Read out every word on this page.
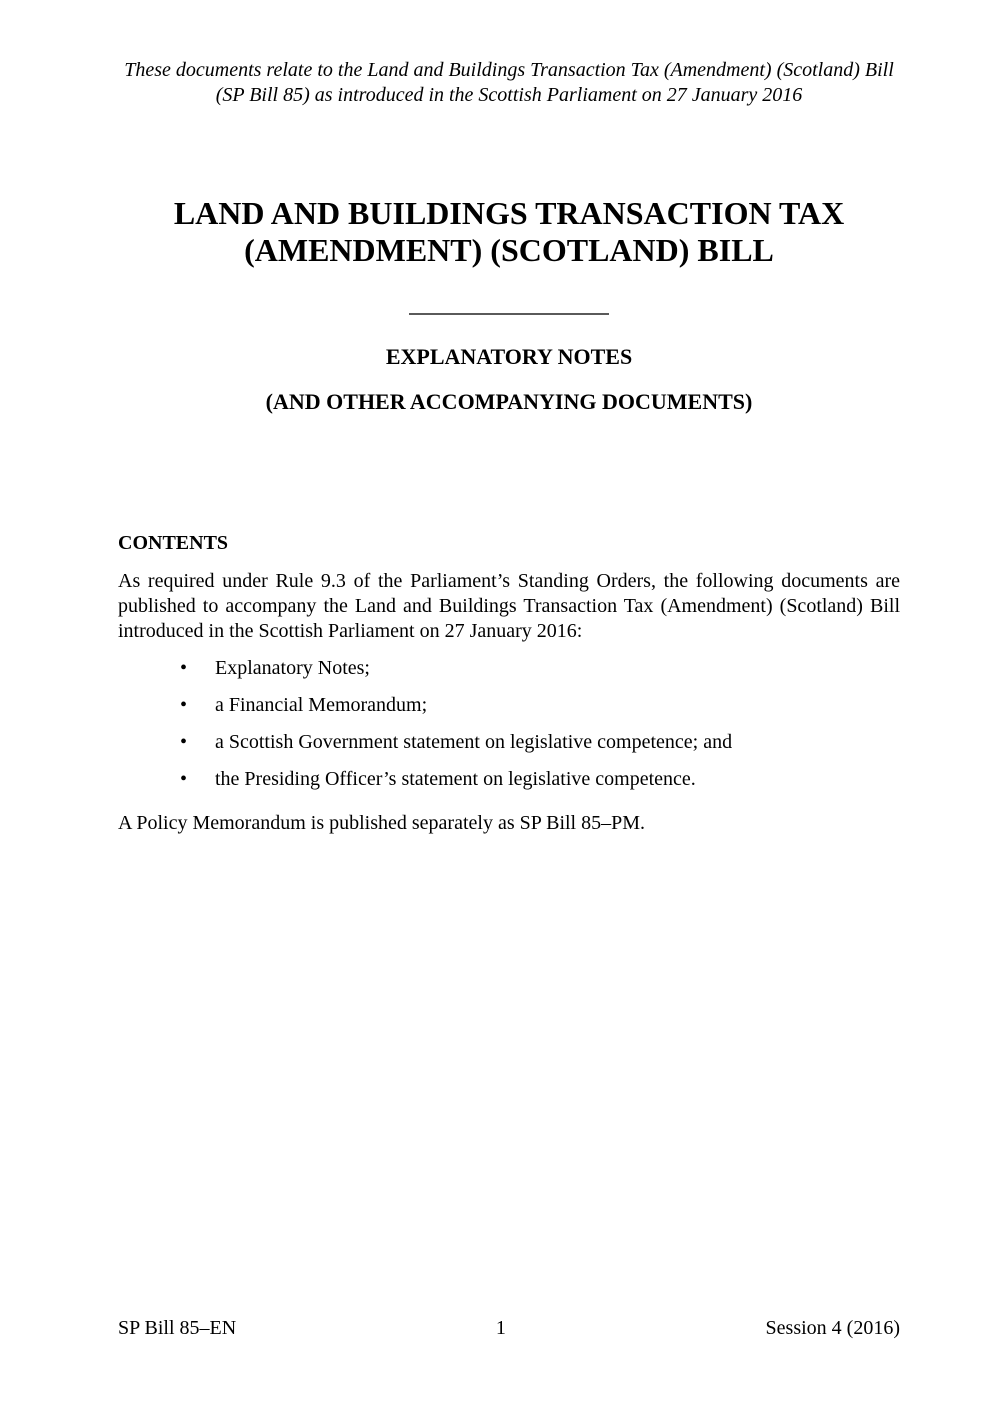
These documents relate to the Land and Buildings Transaction Tax (Amendment) (Scotland) Bill
(SP Bill 85) as introduced in the Scottish Parliament on 27 January 2016
LAND AND BUILDINGS TRANSACTION TAX
(AMENDMENT) (SCOTLAND) BILL
EXPLANATORY NOTES
(AND OTHER ACCOMPANYING DOCUMENTS)
CONTENTS

As required under Rule 9.3 of the Parliament’s Standing Orders, the following documents are published to accompany the Land and Buildings Transaction Tax (Amendment) (Scotland) Bill introduced in the Scottish Parliament on 27 January 2016:

• Explanatory Notes;
• a Financial Memorandum;
• a Scottish Government statement on legislative competence; and
• the Presiding Officer’s statement on legislative competence.

A Policy Memorandum is published separately as SP Bill 85–PM.

SP Bill 85–EN	1	Session 4 (2016)
